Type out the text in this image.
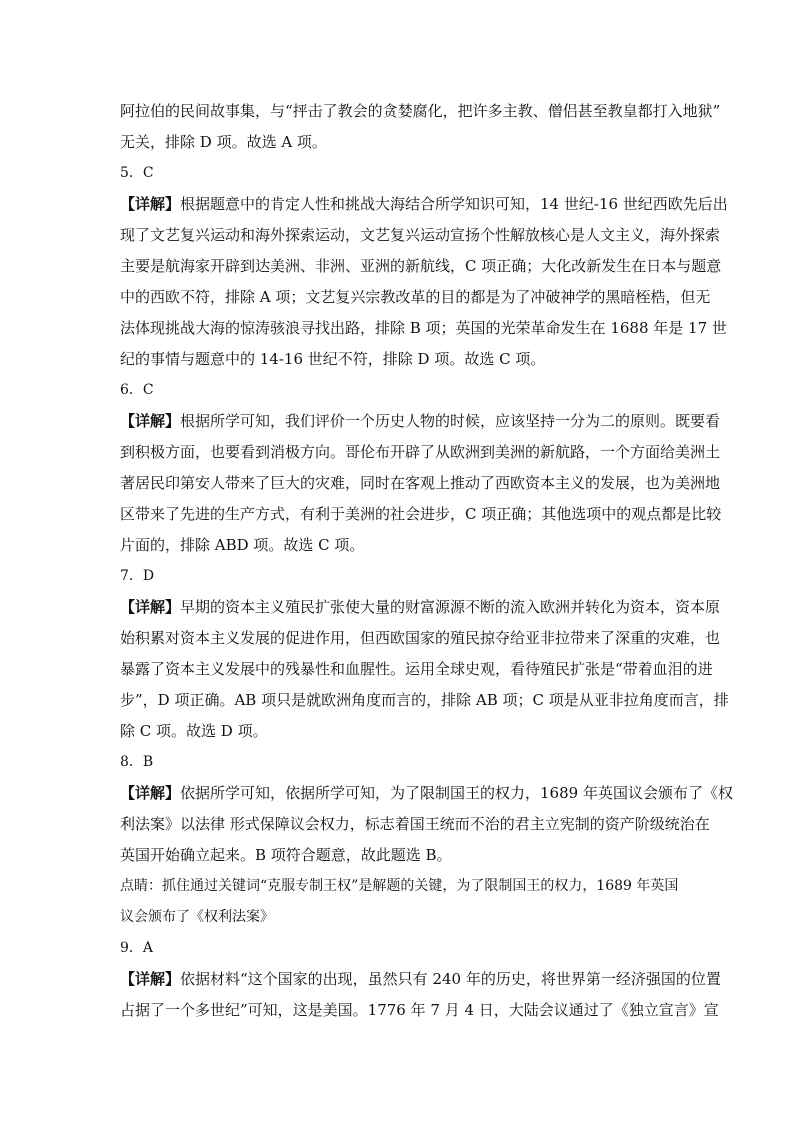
阿拉伯的民间故事集，与“抨击了教会的贪婪腐化，把许多主教、僧侣甚至教皇都打入地狱”
无关，排除 D 项。故选 A 项。
5．C
【详解】根据题意中的肯定人性和挑战大海结合所学知识可知，14 世纪-16 世纪西欧先后出
现了文艺复兴运动和海外探索运动，文艺复兴运动宣扬个性解放核心是人文主义，海外探索
主要是航海家开辟到达美洲、非洲、亚洲的新航线，C 项正确；大化改新发生在日本与题意
中的西欧不符，排除 A 项；文艺复兴宗教改革的目的都是为了冲破神学的黑暗桎梏，但无
法体现挑战大海的惊涛骇浪寻找出路，排除 B 项；英国的光荣革命发生在 1688 年是 17 世
纪的事情与题意中的 14-16 世纪不符，排除 D 项。故选 C 项。
6．C
【详解】根据所学可知，我们评价一个历史人物的时候，应该坚持一分为二的原则。既要看
到积极方面，也要看到消极方向。哥伦布开辟了从欧洲到美洲的新航路，一个方面给美洲土
著居民印第安人带来了巨大的灾难，同时在客观上推动了西欧资本主义的发展，也为美洲地
区带来了先进的生产方式，有利于美洲的社会进步，C 项正确；其他选项中的观点都是比较
片面的，排除 ABD 项。故选 C 项。
7．D
【详解】早期的资本主义殖民扩张使大量的财富源源不断的流入欧洲并转化为资本，资本原
始积累对资本主义发展的促进作用，但西欧国家的殖民掠夺给亚非拉带来了深重的灾难，也
暴露了资本主义发展中的残暴性和血腥性。运用全球史观，看待殖民扩张是“带着血泪的进
步”，D 项正确。AB 项只是就欧洲角度而言的，排除 AB 项；C 项是从亚非拉角度而言，排
除 C 项。故选 D 项。
8．B
【详解】依据所学可知，依据所学可知，为了限制国王的权力，1689 年英国议会颁布了《权
利法案》以法律 形式保障议会权力，标志着国王统而不治的君主立宪制的资产阶级统治在
英国开始确立起来。B 项符合题意，故此题选 B。
点睛：抓住通过关键词“克服专制王权”是解题的关键，为了限制国王的权力，1689 年英国
议会颁布了《权利法案》
9．A
【详解】依据材料“这个国家的出现，虽然只有 240 年的历史，将世界第一经济强国的位置
占据了一个多世纪”可知，这是美国。1776 年 7 月 4 日，大陆会议通过了《独立宣言》宣
